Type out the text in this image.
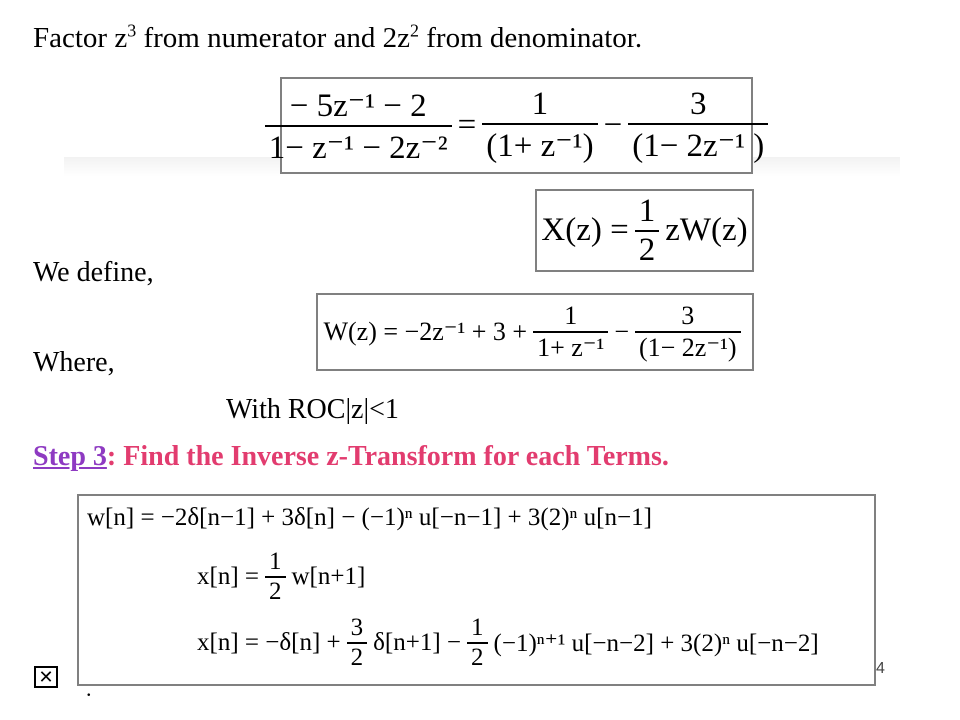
Factor $z^3$ from numerator and $2z^2$ from denominator.
$\frac{\text{− 5z⁻¹ − 2}}{\text{1− z⁻¹ − 2z⁻²}} = \frac{1}{\text{(1+ z⁻¹)}} - \frac{3}{\text{(1− 2z⁻¹ )}}$
$X(z) = \frac{1}{2} zW(z)$
We define,
$W(z) = -2z^{-1} + 3 + \frac{1}{\text{1+ z⁻¹}} - \frac{3}{\text{(1− 2z⁻¹)}}$
Where,
With ROC|z|<1
Step 3: Find the Inverse z-Transform for each Terms.
w[n] = −2δ[n−1] + 3δ[n] − (−1)ⁿ u[−n−1] + 3(2)ⁿ u[n−1]
$x[n] = \frac{1}{2} w[n+1]$
$x[n] = -\delta[n] + \frac{3}{2} \delta[n+1] - \frac{1}{2} (-1)^{n+1}$ u[−n−2] + 3(2)ⁿ u[−n−2]
✕ .
4
